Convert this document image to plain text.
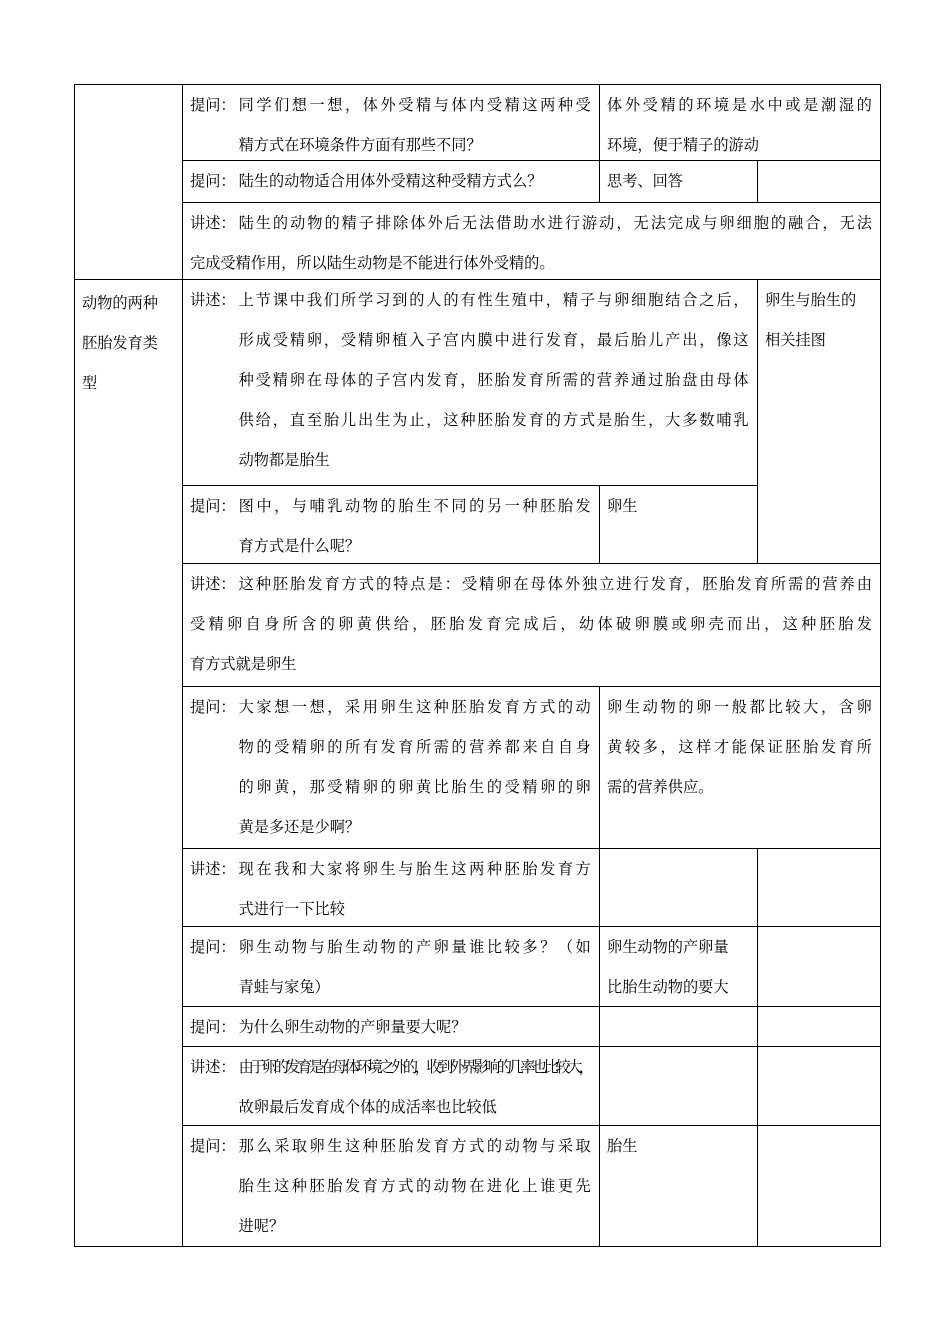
动物的两种
胚胎发育类
型
提问： 同学们想一想，体外受精与体内受精这两种受
精方式在环境条件方面有那些不同？
体外受精的环境是水中或是潮湿的
环境，便于精子的游动
提问： 陆生的动物适合用体外受精这种受精方式么？	思考、回答
讲述： 陆生的动物的精子排除体外后无法借助水进行游动，无法完成与卵细胞的融合，无法
完成受精作用，所以陆生动物是不能进行体外受精的。
讲述： 上节课中我们所学习到的人的有性生殖中，精子与卵细胞结合之后，
形成受精卵，受精卵植入子宫内膜中进行发育，最后胎儿产出，像这
种受精卵在母体的子宫内发育，胚胎发育所需的营养通过胎盘由母体
供给，直至胎儿出生为止，这种胚胎发育的方式是胎生，大多数哺乳
动物都是胎生
卵生与胎生的
相关挂图
提问： 图中，与哺乳动物的胎生不同的另一种胚胎发
育方式是什么呢？
卵生
讲述： 这种胚胎发育方式的特点是：受精卵在母体外独立进行发育，胚胎发育所需的营养由
受精卵自身所含的卵黄供给，胚胎发育完成后，幼体破卵膜或卵壳而出，这种胚胎发
育方式就是卵生
提问： 大家想一想，采用卵生这种胚胎发育方式的动
物的受精卵的所有发育所需的营养都来自自身
的卵黄，那受精卵的卵黄比胎生的受精卵的卵
黄是多还是少啊？
卵生动物的卵一般都比较大，含卵
黄较多，这样才能保证胚胎发育所
需的营养供应。
讲述： 现在我和大家将卵生与胎生这两种胚胎发育方
式进行一下比较
提问： 卵生动物与胎生动物的产卵量谁比较多？（如
青蛙与家兔）
卵生动物的产卵量
比胎生动物的要大
提问： 为什么卵生动物的产卵量要大呢？
讲述： 由于卵的发育是在母体环境之外的，收到外界影响的几率也比较大，
故卵最后发育成个体的成活率也比较低
提问： 那么采取卵生这种胚胎发育方式的动物与采取
胎生这种胚胎发育方式的动物在进化上谁更先
进呢？
胎生
